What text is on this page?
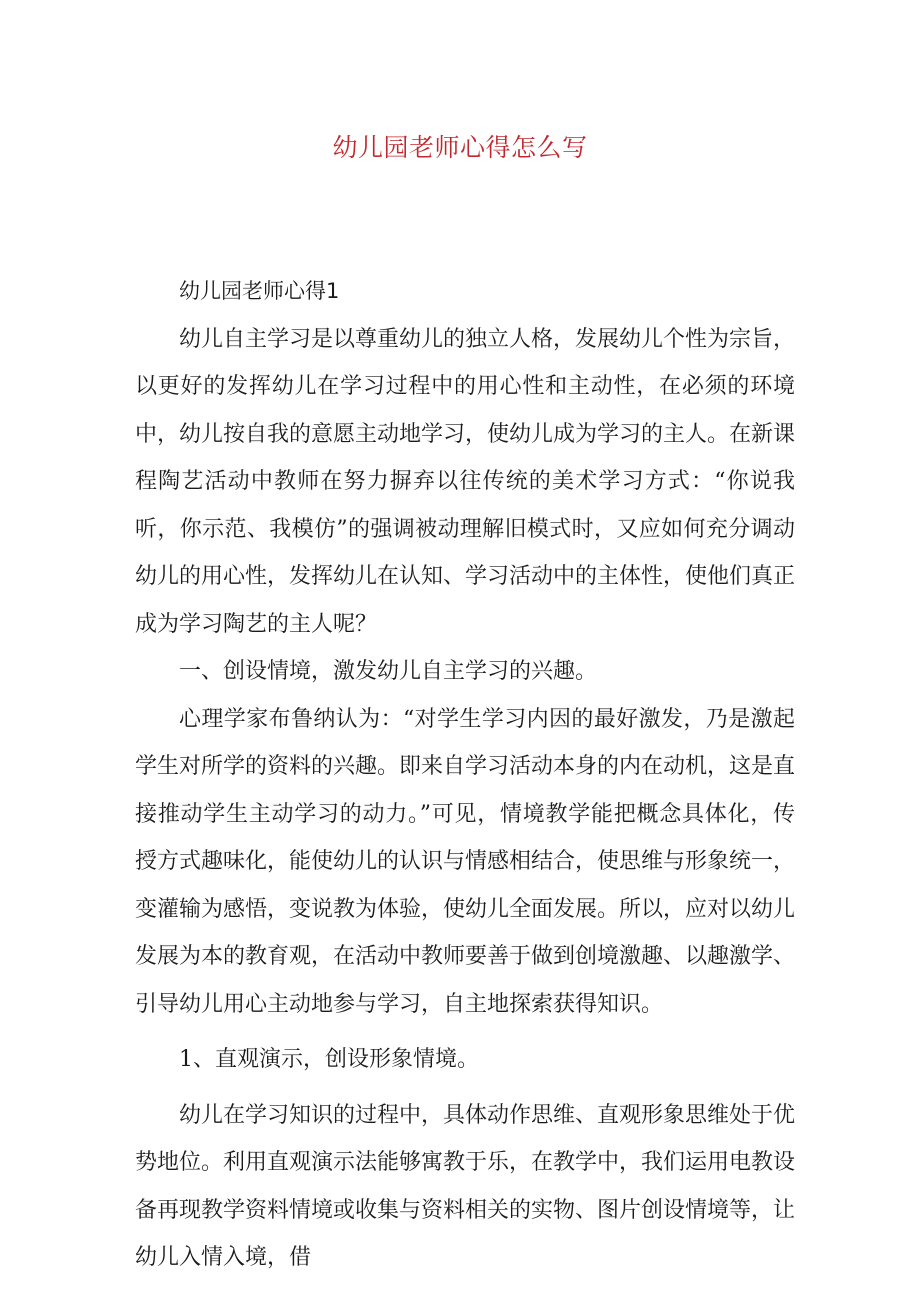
幼儿园老师心得怎么写

幼儿园老师心得1

幼儿自主学习是以尊重幼儿的独立人格，发展幼儿个性为宗旨，以更好的发挥幼儿在学习过程中的用心性和主动性，在必须的环境中，幼儿按自我的意愿主动地学习，使幼儿成为学习的主人。在新课程陶艺活动中教师在努力摒弃以往传统的美术学习方式：“你说我听，你示范、我模仿”的强调被动理解旧模式时，又应如何充分调动幼儿的用心性，发挥幼儿在认知、学习活动中的主体性，使他们真正成为学习陶艺的主人呢？

一、创设情境，激发幼儿自主学习的兴趣。

心理学家布鲁纳认为：“对学生学习内因的最好激发，乃是激起学生对所学的资料的兴趣。即来自学习活动本身的内在动机，这是直接推动学生主动学习的动力。”可见，情境教学能把概念具体化，传授方式趣味化，能使幼儿的认识与情感相结合，使思维与形象统一，变灌输为感悟，变说教为体验，使幼儿全面发展。所以，应对以幼儿发展为本的教育观，在活动中教师要善于做到创境激趣、以趣激学、引导幼儿用心主动地参与学习，自主地探索获得知识。

1、直观演示，创设形象情境。

幼儿在学习知识的过程中，具体动作思维、直观形象思维处于优势地位。利用直观演示法能够寓教于乐，在教学中，我们运用电教设备再现教学资料情境或收集与资料相关的实物、图片创设情境等，让幼儿入情入境，借
